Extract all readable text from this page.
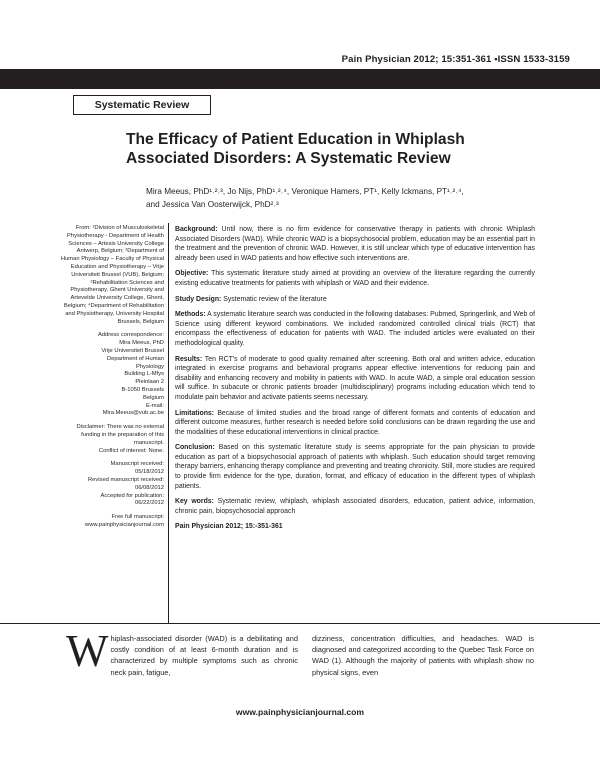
Pain Physician 2012; 15:351-361 •ISSN 1533-3159
Systematic Review
The Efficacy of Patient Education in Whiplash
Associated Disorders: A Systematic Review
Mira Meeus, PhD¹˒²˒³, Jo Nijs, PhD¹˒²˒⁴, Veronique Hamers, PT¹, Kelly Ickmans, PT¹˒²˒⁴,
and Jessica Van Oosterwijck, PhD²˒³

From: ¹Division of Musculoskeletal Physiotherapy - Department of Health Sciences – Artesis University College Antwerp, Belgium; ²Department of Human Physiology – Faculty of Physical Education and Physiotherapy – Vrije Universiteit Brussel (VUB), Belgium; ³Rehabilitation Sciences and Physiotherapy, Ghent University and Artevelde University College, Ghent, Belgium; ⁴Department of Rehabilitation and Physiotherapy, University Hospital Brussels, Belgium

Address correspondence:
Mira Meeus, PhD
Vrije Universiteit Brussel
Department of Human
Physiology
Building L-Mfys
Pleinlaan 2
B-1050 Brussels
Belgium
E-mail:
Mira.Meeus@vub.ac.be

Disclaimer: There was no external funding in the preparation of this manuscript.
Conflict of interest: None.

Manuscript received:
05/18/2012
Revised manuscript received:
06/08/2012
Accepted for publication:
06/22/2012

Free full manuscript:
www.painphysicianjournal.com

Background: Until now, there is no firm evidence for conservative therapy in patients with chronic Whiplash Associated Disorders (WAD). While chronic WAD is a biopsychosocial problem, education may be an essential part in the treatment and the prevention of chronic WAD. However, it is still unclear which type of educative intervention has already been used in WAD patients and how effective such interventions are.

Objective: This systematic literature study aimed at providing an overview of the literature regarding the currently existing educative treatments for patients with whiplash or WAD and their evidence.

Study Design: Systematic review of the literature

Methods: A systematic literature search was conducted in the following databases: Pubmed, Springerlink, and Web of Science using different keyword combinations. We included randomized controlled clinical trials (RCT) that encompass the effectiveness of education for patients with WAD. The included articles were evaluated on their methodological quality.

Results: Ten RCT's of moderate to good quality remained after screening. Both oral and written advice, education integrated in exercise programs and behavioral programs appear effective interventions for reducing pain and disability and enhancing recovery and mobility in patients with WAD. In acute WAD, a simple oral education session will suffice. In subacute or chronic patients broader (multidisciplinary) programs including education which tend to modulate pain behavior and activate patients seems necessary.

Limitations: Because of limited studies and the broad range of different formats and contents of education and different outcome measures, further research is needed before solid conclusions can be drawn regarding the use and the modalities of these educational interventions in clinical practice.

Conclusion: Based on this systematic literature study is seems appropriate for the pain physician to provide education as part of a biopsychosocial approach of patients with whiplash. Such education should target removing therapy barriers, enhancing therapy compliance and preventing and treating chronicity. Still, more studies are required to provide firm evidence for the type, duration, format, and efficacy of education in the different types of whiplash patients.

Key words: Systematic review, whiplash, whiplash associated disorders, education, patient advice, information, chronic pain, biopsychosocial approach

Pain Physician 2012; 15:-351-361

W hiplash-associated disorder (WAD) is a debilitating and costly condition of at least 6-month duration and is characterized by multiple symptoms such as chronic neck pain, fatigue,
dizziness, concentration difficulties, and headaches. WAD is diagnosed and categorized according to the Quebec Task Force on WAD (1). Although the majority of patients with whiplash show no physical signs, even
www.painphysicianjournal.com
